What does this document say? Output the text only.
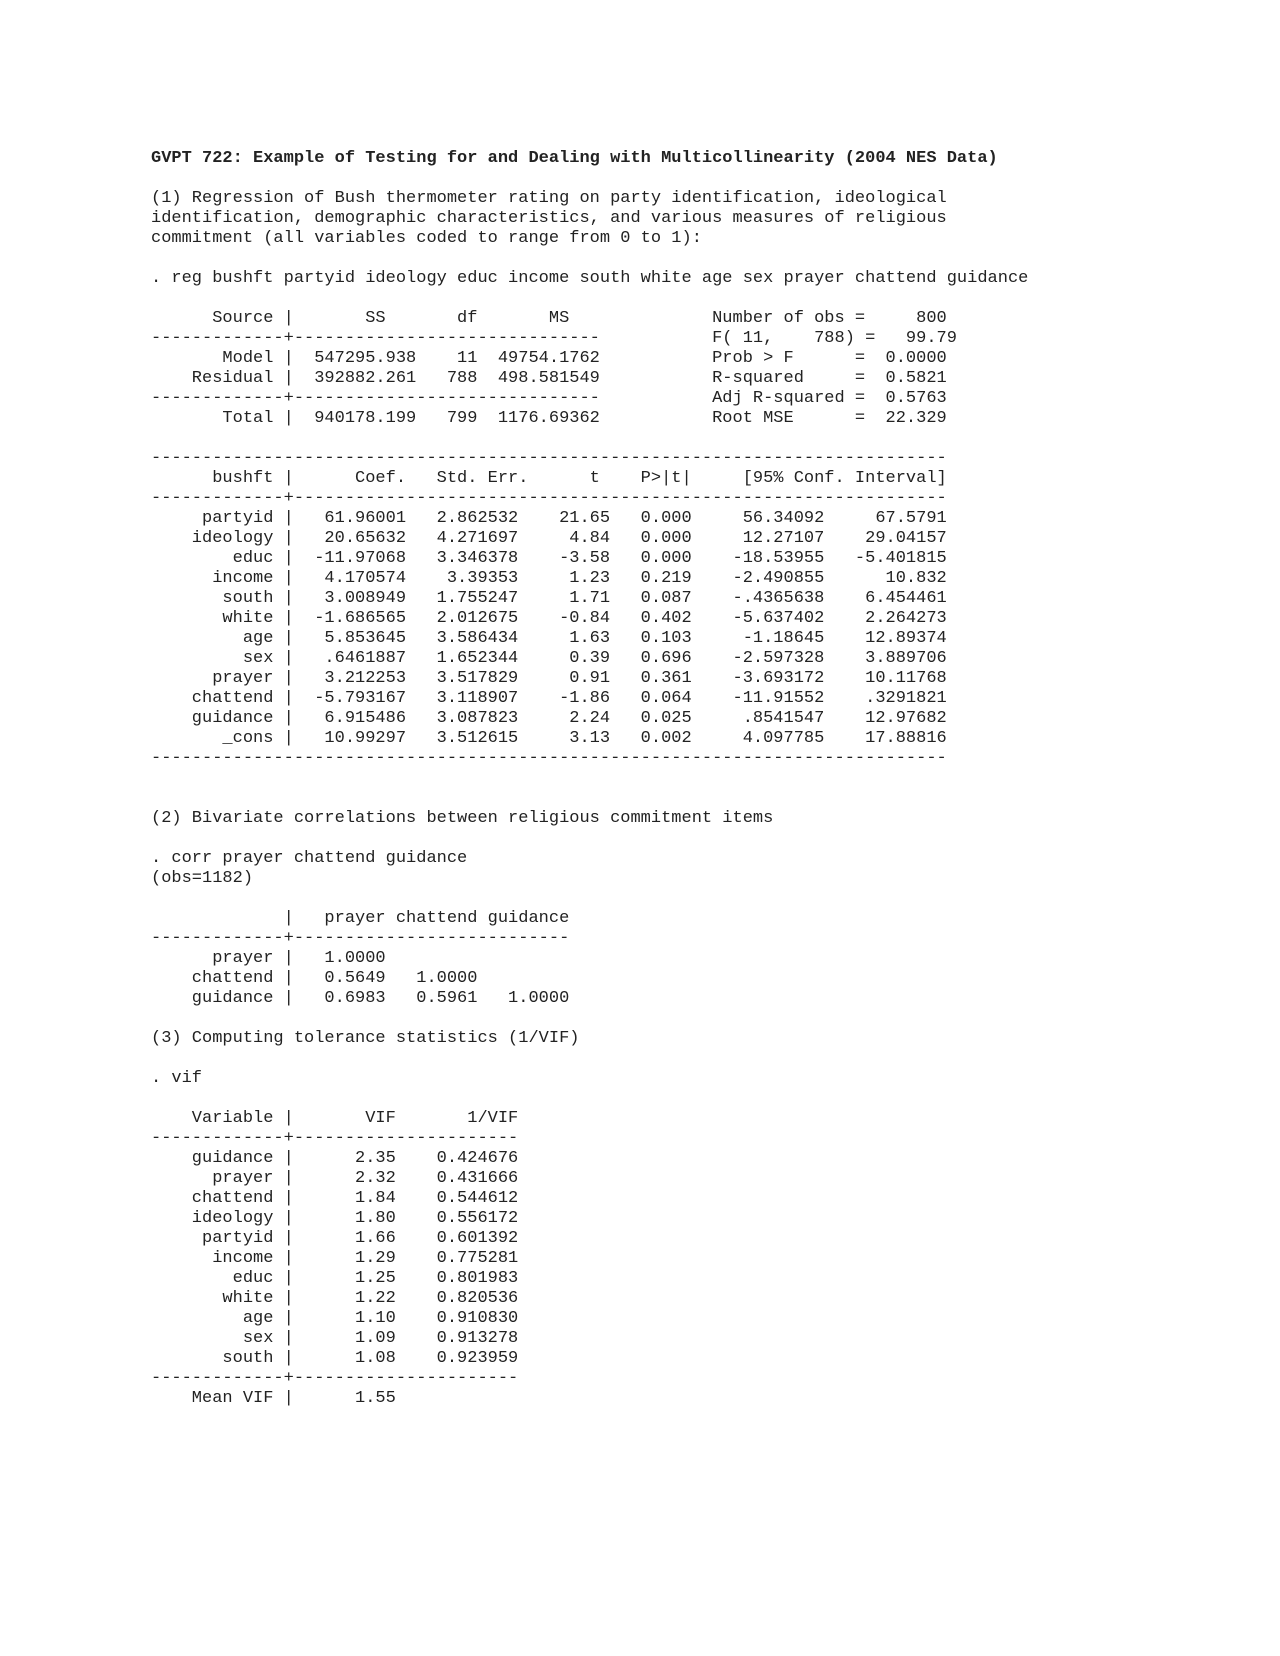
GVPT 722: Example of Testing for and Dealing with Multicollinearity (2004 NES Data)
(1) Regression of Bush thermometer rating on party identification, ideological
identification, demographic characteristics, and various measures of religious
commitment (all variables coded to range from 0 to 1):
. reg bushft partyid ideology educ income south white age sex prayer chattend guidance
Source |       SS       df       MS              Number of obs =     800
-------------+------------------------------           F( 11,    788) =   99.79
Model |  547295.938    11  49754.1762           Prob > F      =  0.0000
Residual |  392882.261   788  498.581549           R-squared     =  0.5821
-------------+------------------------------           Adj R-squared =  0.5763
Total |  940178.199   799  1176.69362           Root MSE      =  22.329
------------------------------------------------------------------------------
bushft |      Coef.   Std. Err.      t    P>|t|     [95% Conf. Interval]
-------------+----------------------------------------------------------------
partyid |   61.96001   2.862532    21.65   0.000     56.34092     67.5791
ideology |   20.65632   4.271697     4.84   0.000     12.27107    29.04157
educ |  -11.97068   3.346378    -3.58   0.000    -18.53955   -5.401815
income |   4.170574    3.39353     1.23   0.219    -2.490855      10.832
south |   3.008949   1.755247     1.71   0.087    -.4365638    6.454461
white |  -1.686565   2.012675    -0.84   0.402    -5.637402    2.264273
age |   5.853645   3.586434     1.63   0.103     -1.18645    12.89374
sex |   .6461887   1.652344     0.39   0.696    -2.597328    3.889706
prayer |   3.212253   3.517829     0.91   0.361    -3.693172    10.11768
chattend |  -5.793167   3.118907    -1.86   0.064    -11.91552    .3291821
guidance |   6.915486   3.087823     2.24   0.025     .8541547    12.97682
_cons |   10.99297   3.512615     3.13   0.002     4.097785    17.88816
------------------------------------------------------------------------------
(2) Bivariate correlations between religious commitment items
. corr prayer chattend guidance
(obs=1182)
|   prayer chattend guidance
-------------+---------------------------
prayer |   1.0000
chattend |   0.5649   1.0000
guidance |   0.6983   0.5961   1.0000
(3) Computing tolerance statistics (1/VIF)
. vif
Variable |       VIF       1/VIF
-------------+----------------------
guidance |      2.35    0.424676
prayer |      2.32    0.431666
chattend |      1.84    0.544612
ideology |      1.80    0.556172
partyid |      1.66    0.601392
income |      1.29    0.775281
educ |      1.25    0.801983
white |      1.22    0.820536
age |      1.10    0.910830
sex |      1.09    0.913278
south |      1.08    0.923959
-------------+----------------------
Mean VIF |      1.55
